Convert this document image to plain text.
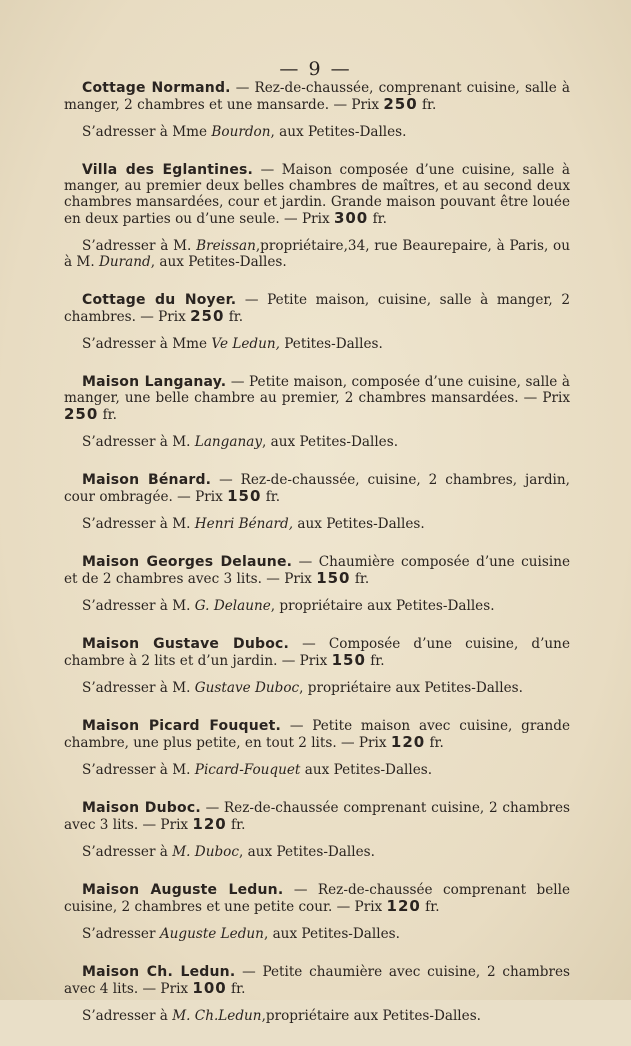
— 9 —

Cottage Normand. — Rez-de-chaussée, comprenant cuisine, salle à manger, 2 chambres et une mansarde. — Prix 250 fr.

S’adresser à Mme Bourdon, aux Petites-Dalles.

Villa des Eglantines. — Maison composée d’une cuisine, salle à manger, au premier deux belles chambres de maîtres, et au second deux chambres mansardées, cour et jardin. Grande maison pouvant être louée en deux parties ou d’une seule. — Prix 300 fr.

S’adresser à M. Breissan,propriétaire,34, rue Beaurepaire, à Paris, ou à M. Durand, aux Petites-Dalles.

Cottage du Noyer. — Petite maison, cuisine, salle à manger, 2 chambres. — Prix 250 fr.

S’adresser à Mme Ve Ledun, Petites-Dalles.

Maison Langanay. — Petite maison, composée d’une cuisine, salle à manger, une belle chambre au premier, 2 chambres mansardées. — Prix 250 fr.

S’adresser à M. Langanay, aux Petites-Dalles.

Maison Bénard. — Rez-de-chaussée, cuisine, 2 chambres, jardin, cour ombragée. — Prix 150 fr.

S’adresser à M. Henri Bénard, aux Petites-Dalles.

Maison Georges Delaune. — Chaumière composée d’une cuisine et de 2 chambres avec 3 lits. — Prix 150 fr.

S’adresser à M. G. Delaune, propriétaire aux Petites-Dalles.

Maison Gustave Duboc. — Composée d’une cuisine, d’une chambre à 2 lits et d’un jardin. — Prix 150 fr.

S’adresser à M. Gustave Duboc, propriétaire aux Petites-Dalles.

Maison Picard Fouquet. — Petite maison avec cuisine, grande chambre, une plus petite, en tout 2 lits. — Prix 120 fr.

S’adresser à M. Picard-Fouquet aux Petites-Dalles.

Maison Duboc. — Rez-de-chaussée comprenant cuisine, 2 chambres avec 3 lits. — Prix 120 fr.

S’adresser à M. Duboc, aux Petites-Dalles.

Maison Auguste Ledun. — Rez-de-chaussée comprenant belle cuisine, 2 chambres et une petite cour. — Prix 120 fr.

S’adresser Auguste Ledun, aux Petites-Dalles.

Maison Ch. Ledun. — Petite chaumière avec cuisine, 2 chambres avec 4 lits. — Prix 100 fr.

S’adresser à M. Ch.Ledun,propriétaire aux Petites-Dalles.
